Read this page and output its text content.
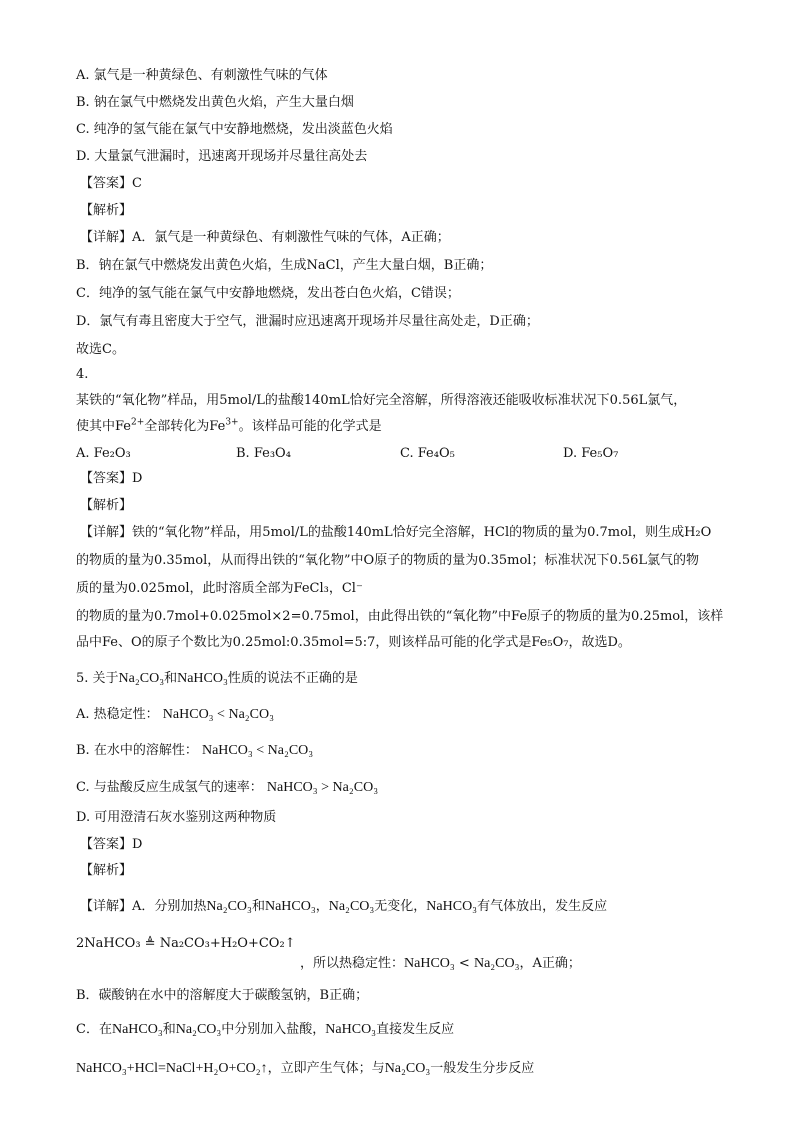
A. 氯气是一种黄绿色、有刺激性气味的气体
B. 钠在氯气中燃烧发出黄色火焰，产生大量白烟
C. 纯净的氢气能在氯气中安静地燃烧，发出淡蓝色火焰
D. 大量氯气泄漏时，迅速离开现场并尽量往高处去
【答案】C
【解析】
【详解】A．氯气是一种黄绿色、有刺激性气味的气体，A正确；
B．钠在氯气中燃烧发出黄色火焰，生成NaCl，产生大量白烟，B正确；
C．纯净的氢气能在氯气中安静地燃烧，发出苍白色火焰，C错误；
D．氯气有毒且密度大于空气，泄漏时应迅速离开现场并尽量往高处走，D正确；
故选C。
4.
某铁的“氧化物”样品，用5mol/L的盐酸140mL恰好完全溶解，所得溶液还能吸收标准状况下0.56L氯气，
使其中$Fe^{2+}$全部转化为$Fe^{3+}$。该样品可能的化学式是
A. Fe₂O₃	B. Fe₃O₄	C. Fe₄O₅	D. Fe₅O₇
【答案】D
【解析】
【详解】铁的“氧化物”样品，用5mol/L的盐酸140mL恰好完全溶解，HCl的物质的量为0.7mol，则生成H₂O
的物质的量为0.35mol，从而得出铁的“氧化物”中O原子的物质的量为0.35mol；标准状况下0.56L氯气的物
质的量为0.025mol，此时溶质全部为FeCl₃，Cl⁻
的物质的量为0.7mol+0.025mol×2=0.75mol，由此得出铁的“氧化物”中Fe原子的物质的量为0.25mol，该样
品中Fe、O的原子个数比为0.25mol:0.35mol=5:7，则该样品可能的化学式是Fe₅O₇，故选D。
5. 关于Na₂CO₃和NaHCO₃性质的说法不正确的是
A. 热稳定性： NaHCO₃ < Na₂CO₃
B. 在水中的溶解性： NaHCO₃ < Na₂CO₃
C. 与盐酸反应生成氢气的速率： NaHCO₃ > Na₂CO₃
D. 可用澄清石灰水鉴别这两种物质
【答案】D
【解析】
【详解】A．分别加热Na₂CO₃和NaHCO₃，Na₂CO₃无变化，NaHCO₃有气体放出，发生反应
2NaHCO₃ ≜ Na₂CO₃+H₂O+CO₂↑
，所以热稳定性：NaHCO₃ < Na₂CO₃，A正确；
B．碳酸钠在水中的溶解度大于碳酸氢钠，B正确；
C．在NaHCO₃和Na₂CO₃中分别加入盐酸，NaHCO₃直接发生反应
NaHCO₃+HCl=NaCl+H₂O+CO₂↑，立即产生气体；与Na₂CO₃一般发生分步反应
